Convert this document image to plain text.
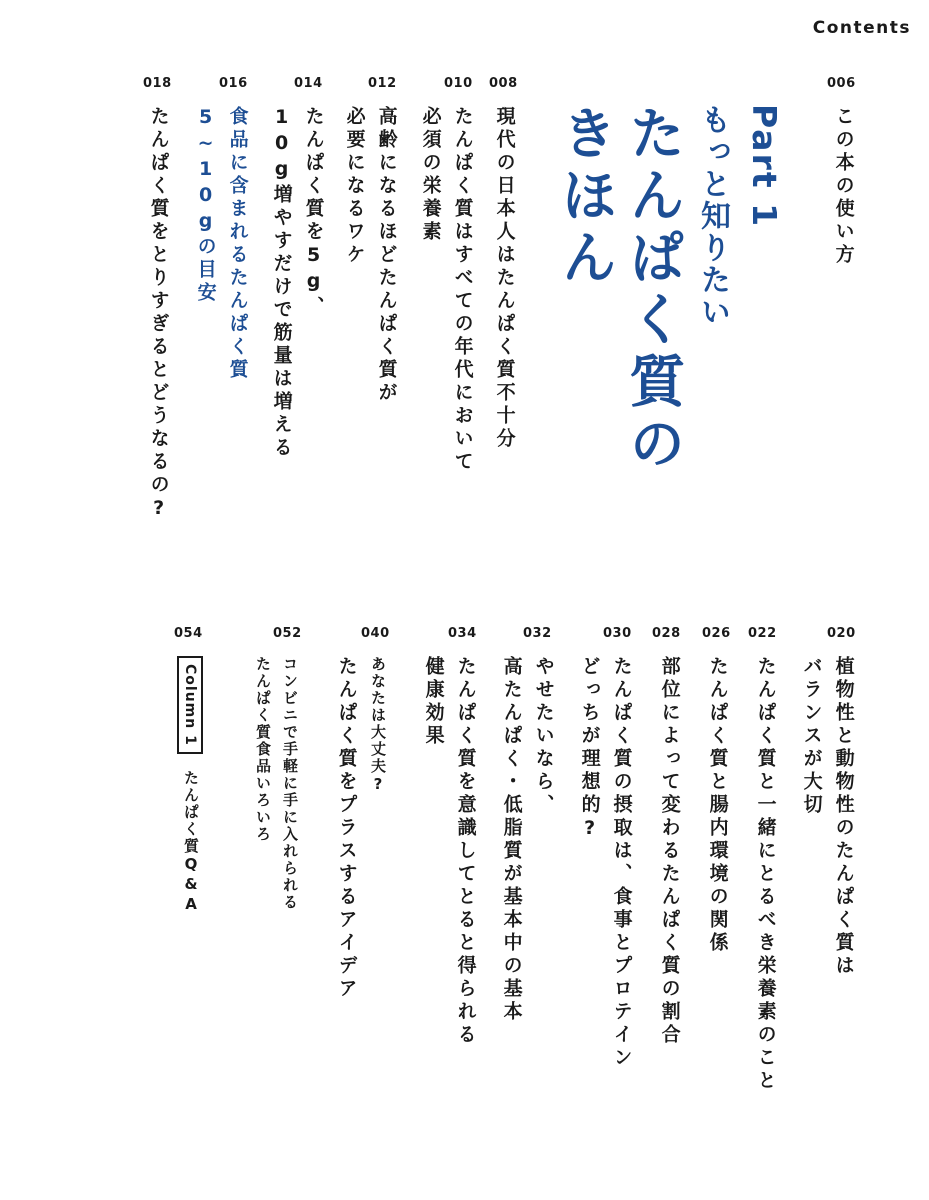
Contents
006
この本の使い方
Part 1
もっと知りたい
たんぱく質の
きほん
008
現代の日本人はたんぱく質不十分
010
たんぱく質はすべての年代において
必須の栄養素
012
高齢になるほどたんぱく質が
必要になるワケ
014
たんぱく質を5g、
10g増やすだけで筋量は増える
016
食品に含まれるたんぱく質
5~10gの目安
018
たんぱく質をとりすぎるとどうなるの?
020
植物性と動物性のたんぱく質は
バランスが大切
022
たんぱく質と一緒にとるべき栄養素のこと
026
たんぱく質と腸内環境の関係
028
部位によって変わるたんぱく質の割合
030
たんぱく質の摂取は、食事とプロテイン
どっちが理想的?
032
やせたいなら、
高たんぱく・低脂質が基本中の基本
034
たんぱく質を意識してとると得られる
健康効果
040
あなたは大丈夫?
たんぱく質をプラスするアイデア
052
コンビニで手軽に手に入れられる
たんぱく質食品いろいろ
054
Column 1
たんぱく質Q&A
